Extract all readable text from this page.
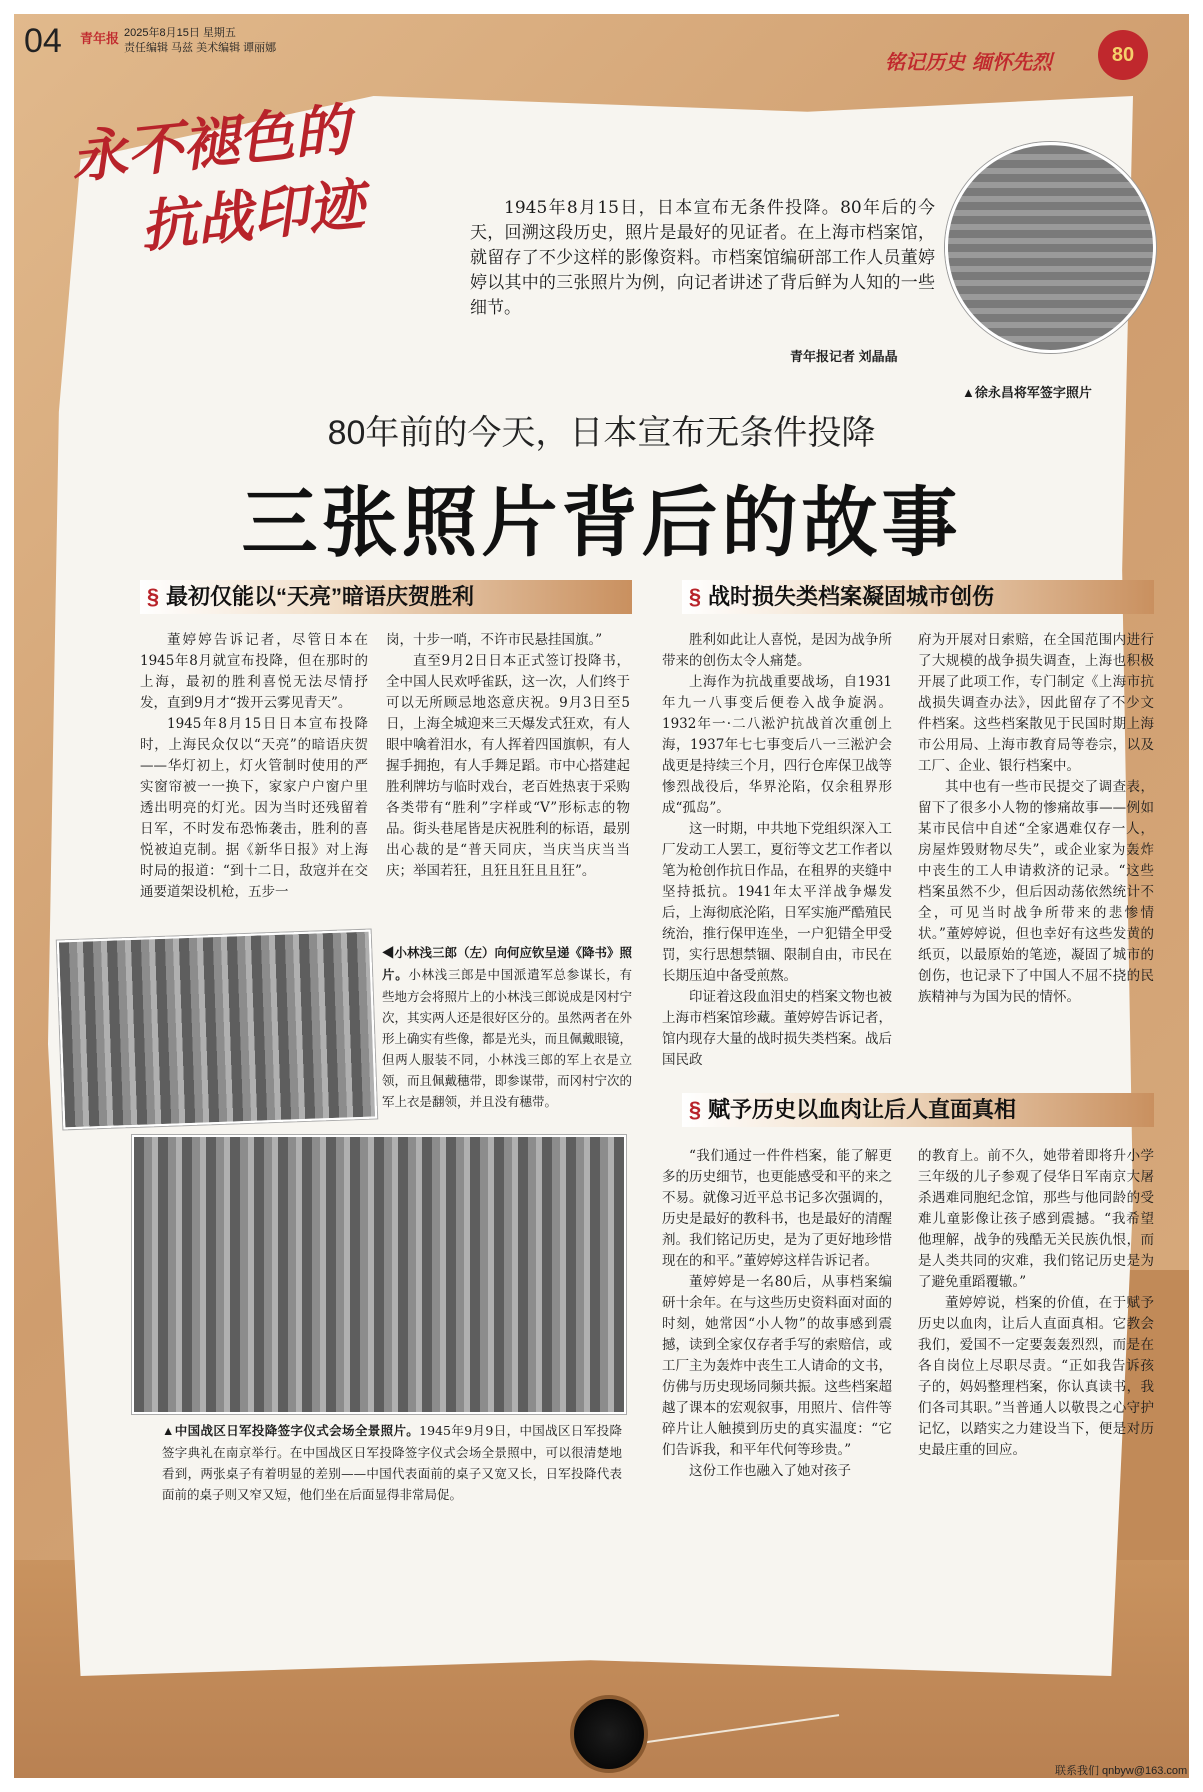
04 青年报 2025年8月15日 星期五
责任编辑 马兹 美术编辑 谭丽娜
铭记历史 缅怀先烈	80
永不褪色的
抗战印迹	1945年8月15日，日本宣布无条件投降。80年后的今天，回溯这段历史，照片是最好的见证者。在上海市档案馆，就留存了不少这样的影像资料。市档案馆编研部工作人员董婷婷以其中的三张照片为例，向记者讲述了背后鲜为人知的一些细节。
青年报记者 刘晶晶
▲徐永昌将军签字照片
80年前的今天，日本宣布无条件投降
三张照片背后的故事
§ 最初仅能以“天亮”暗语庆贺胜利

董婷婷告诉记者，尽管日本在1945年8月就宣布投降，但在那时的上海，最初的胜利喜悦无法尽情抒发，直到9月才“拨开云雾见青天”。

1945年8月15日日本宣布投降时，上海民众仅以“天亮”的暗语庆贺——华灯初上，灯火管制时使用的严实窗帘被一一换下，家家户户窗户里透出明亮的灯光。因为当时还残留着日军，不时发布恐怖袭击，胜利的喜悦被迫克制。据《新华日报》对上海时局的报道：“到十二日，敌寇并在交通要道架设机枪，五步一

岗，十步一哨，不许市民悬挂国旗。”

直至9月2日日本正式签订投降书，全中国人民欢呼雀跃，这一次，人们终于可以无所顾忌地恣意庆祝。9月3日至5日，上海全城迎来三天爆发式狂欢，有人眼中噙着泪水，有人挥着四国旗帜，有人握手拥抱，有人手舞足蹈。市中心搭建起胜利牌坊与临时戏台，老百姓热衷于采购各类带有“胜利”字样或“V”形标志的物品。街头巷尾皆是庆祝胜利的标语，最别出心裁的是“普天同庆，当庆当庆当当庆；举国若狂，且狂且狂且且狂”。

◀小林浅三郎（左）向何应钦呈递《降书》照片。小林浅三郎是中国派遣军总参谋长，有些地方会将照片上的小林浅三郎说成是冈村宁次，其实两人还是很好区分的。虽然两者在外形上确实有些像，都是光头，而且佩戴眼镜，但两人服装不同，小林浅三郎的军上衣是立领，而且佩戴穗带，即参谋带，而冈村宁次的军上衣是翻领，并且没有穗带。
▲中国战区日军投降签字仪式会场全景照片。1945年9月9日，中国战区日军投降签字典礼在南京举行。在中国战区日军投降签字仪式会场全景照中，可以很清楚地看到，两张桌子有着明显的差别——中国代表面前的桌子又宽又长，日军投降代表面前的桌子则又窄又短，他们坐在后面显得非常局促。
§ 战时损失类档案凝固城市创伤

胜利如此让人喜悦，是因为战争所带来的创伤太令人痛楚。

上海作为抗战重要战场，自1931年九一八事变后便卷入战争旋涡。1932年一·二八淞沪抗战首次重创上海，1937年七七事变后八一三淞沪会战更是持续三个月，四行仓库保卫战等惨烈战役后，华界沦陷，仅余租界形成“孤岛”。

这一时期，中共地下党组织深入工厂发动工人罢工，夏衍等文艺工作者以笔为枪创作抗日作品，在租界的夹缝中坚持抵抗。1941年太平洋战争爆发后，上海彻底沦陷，日军实施严酷殖民统治，推行保甲连坐，一户犯错全甲受罚，实行思想禁锢、限制自由，市民在长期压迫中备受煎熬。

印证着这段血泪史的档案文物也被上海市档案馆珍藏。董婷婷告诉记者，馆内现存大量的战时损失类档案。战后国民政

府为开展对日索赔，在全国范围内进行了大规模的战争损失调查，上海也积极开展了此项工作，专门制定《上海市抗战损失调查办法》，因此留存了不少文件档案。这些档案散见于民国时期上海市公用局、上海市教育局等卷宗，以及工厂、企业、银行档案中。

其中也有一些市民提交了调查表，留下了很多小人物的惨痛故事——例如某市民信中自述“全家遇难仅存一人，房屋炸毁财物尽失”，或企业家为轰炸中丧生的工人申请救济的记录。“这些档案虽然不少，但后因动荡依然统计不全，可见当时战争所带来的悲惨情状。”董婷婷说，但也幸好有这些发黄的纸页，以最原始的笔迹，凝固了城市的创伤，也记录下了中国人不屈不挠的民族精神与为国为民的情怀。

§ 赋予历史以血肉让后人直面真相

“我们通过一件件档案，能了解更多的历史细节，也更能感受和平的来之不易。就像习近平总书记多次强调的，历史是最好的教科书，也是最好的清醒剂。我们铭记历史，是为了更好地珍惜现在的和平。”董婷婷这样告诉记者。

董婷婷是一名80后，从事档案编研十余年。在与这些历史资料面对面的时刻，她常因“小人物”的故事感到震撼，读到全家仅存者手写的索赔信，或工厂主为轰炸中丧生工人请命的文书，仿佛与历史现场同频共振。这些档案超越了课本的宏观叙事，用照片、信件等碎片让人触摸到历史的真实温度：“它们告诉我，和平年代何等珍贵。”

这份工作也融入了她对孩子

的教育上。前不久，她带着即将升小学三年级的儿子参观了侵华日军南京大屠杀遇难同胞纪念馆，那些与他同龄的受难儿童影像让孩子感到震撼。“我希望他理解，战争的残酷无关民族仇恨，而是人类共同的灾难，我们铭记历史是为了避免重蹈覆辙。”

董婷婷说，档案的价值，在于赋予历史以血肉，让后人直面真相。它教会我们，爱国不一定要轰轰烈烈，而是在各自岗位上尽职尽责。“正如我告诉孩子的，妈妈整理档案，你认真读书，我们各司其职。”当普通人以敬畏之心守护记忆，以踏实之力建设当下，便是对历史最庄重的回应。

联系我们 qnbyw@163.com
